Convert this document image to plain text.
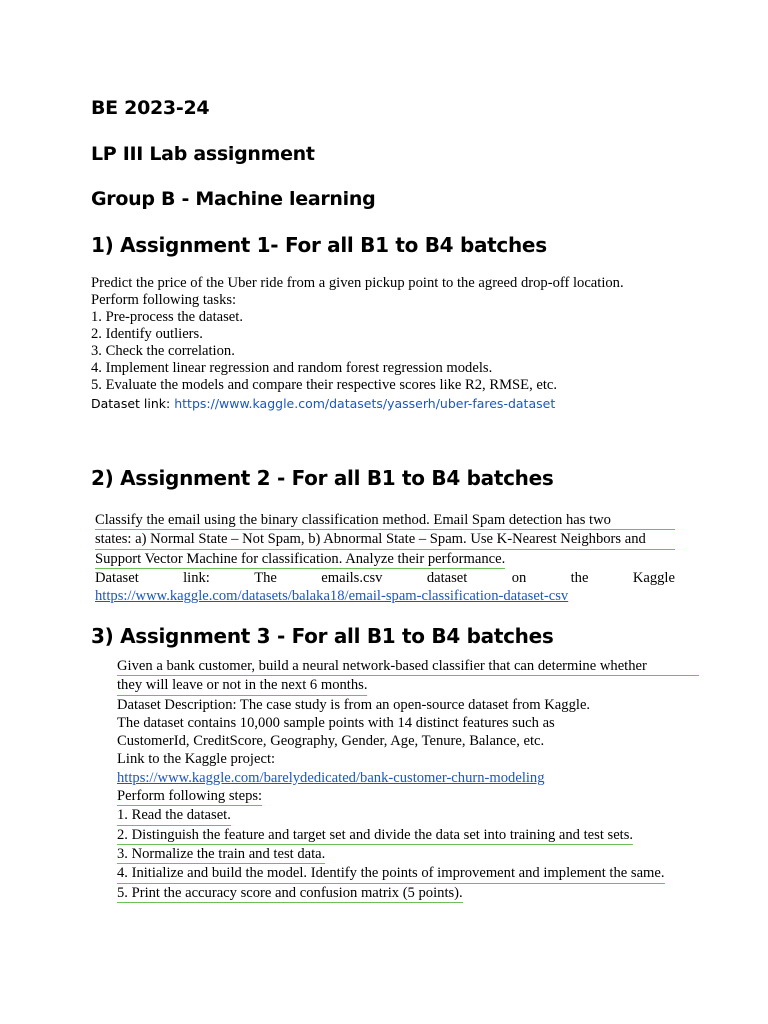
BE 2023-24
LP III Lab assignment
Group B - Machine learning
1) Assignment 1- For all B1 to B4 batches
Predict the price of the Uber ride from a given pickup point to the agreed drop-off location.
Perform following tasks:
1. Pre-process the dataset.
2. Identify outliers.
3. Check the correlation.
4. Implement linear regression and random forest regression models.
5. Evaluate the models and compare their respective scores like R2, RMSE, etc.
Dataset link: https://www.kaggle.com/datasets/yasserh/uber-fares-dataset
2) Assignment 2 - For all B1 to B4 batches
Classify the email using the binary classification method. Email Spam detection has two
states: a) Normal State – Not Spam, b) Abnormal State – Spam. Use K-Nearest Neighbors and
Support Vector Machine for classification. Analyze their performance.
Dataset	link:	The	emails.csv	dataset	on	the	Kaggle
https://www.kaggle.com/datasets/balaka18/email-spam-classification-dataset-csv
3) Assignment 3 - For all B1 to B4 batches
Given a bank customer, build a neural network-based classifier that can determine whether
they will leave or not in the next 6 months.
Dataset Description: The case study is from an open-source dataset from Kaggle.
The dataset contains 10,000 sample points with 14 distinct features such as
CustomerId, CreditScore, Geography, Gender, Age, Tenure, Balance, etc.
Link to the Kaggle project:
https://www.kaggle.com/barelydedicated/bank-customer-churn-modeling
Perform following steps:
1. Read the dataset.
2. Distinguish the feature and target set and divide the data set into training and test sets.
3. Normalize the train and test data.
4. Initialize and build the model. Identify the points of improvement and implement the same.
5. Print the accuracy score and confusion matrix (5 points).
